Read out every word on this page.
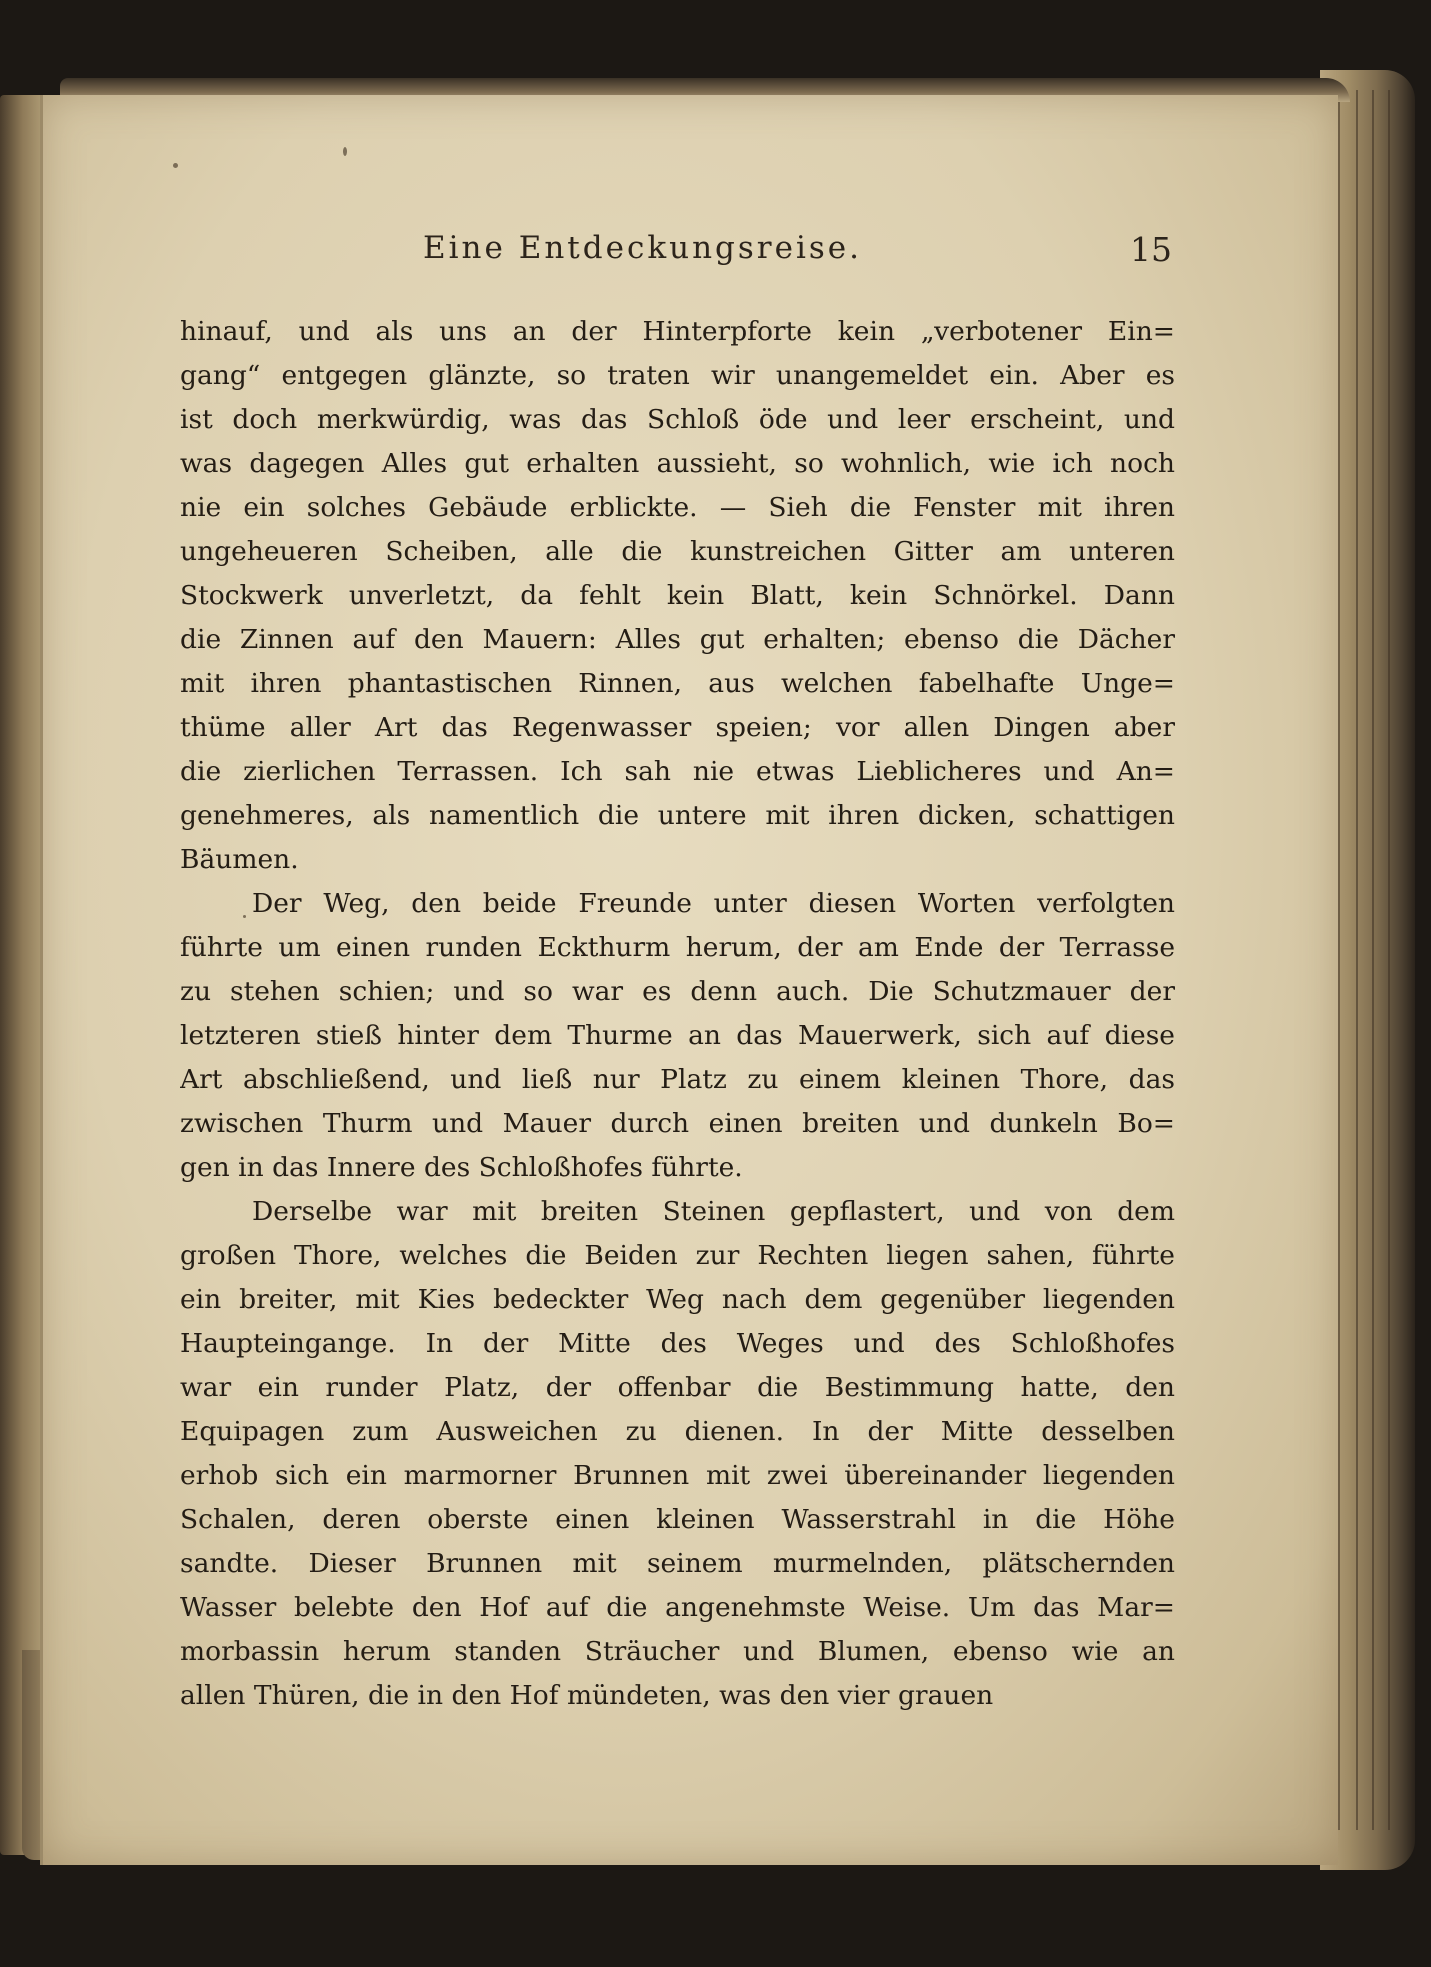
Eine Entdeckungsreise.	15
hinauf, und als uns an der Hinterpforte kein „verbotener Ein=
gang“ entgegen glänzte, so traten wir unangemeldet ein. Aber es
ist doch merkwürdig, was das Schloß öde und leer erscheint, und
was dagegen Alles gut erhalten aussieht, so wohnlich, wie ich noch
nie ein solches Gebäude erblickte. — Sieh die Fenster mit ihren
ungeheueren Scheiben, alle die kunstreichen Gitter am unteren
Stockwerk unverletzt, da fehlt kein Blatt, kein Schnörkel. Dann
die Zinnen auf den Mauern: Alles gut erhalten; ebenso die Dächer
mit ihren phantastischen Rinnen, aus welchen fabelhafte Unge=
thüme aller Art das Regenwasser speien; vor allen Dingen aber
die zierlichen Terrassen. Ich sah nie etwas Lieblicheres und An=
genehmeres, als namentlich die untere mit ihren dicken, schattigen
Bäumen.
Der Weg, den beide Freunde unter diesen Worten verfolgten
führte um einen runden Eckthurm herum, der am Ende der Terrasse
zu stehen schien; und so war es denn auch. Die Schutzmauer der
letzteren stieß hinter dem Thurme an das Mauerwerk, sich auf diese
Art abschließend, und ließ nur Platz zu einem kleinen Thore, das
zwischen Thurm und Mauer durch einen breiten und dunkeln Bo=
gen in das Innere des Schloßhofes führte.
Derselbe war mit breiten Steinen gepflastert, und von dem
großen Thore, welches die Beiden zur Rechten liegen sahen, führte
ein breiter, mit Kies bedeckter Weg nach dem gegenüber liegenden
Haupteingange. In der Mitte des Weges und des Schloßhofes
war ein runder Platz, der offenbar die Bestimmung hatte, den
Equipagen zum Ausweichen zu dienen. In der Mitte desselben
erhob sich ein marmorner Brunnen mit zwei übereinander liegenden
Schalen, deren oberste einen kleinen Wasserstrahl in die Höhe
sandte. Dieser Brunnen mit seinem murmelnden, plätschernden
Wasser belebte den Hof auf die angenehmste Weise. Um das Mar=
morbassin herum standen Sträucher und Blumen, ebenso wie an
allen Thüren, die in den Hof mündeten, was den vier grauen
